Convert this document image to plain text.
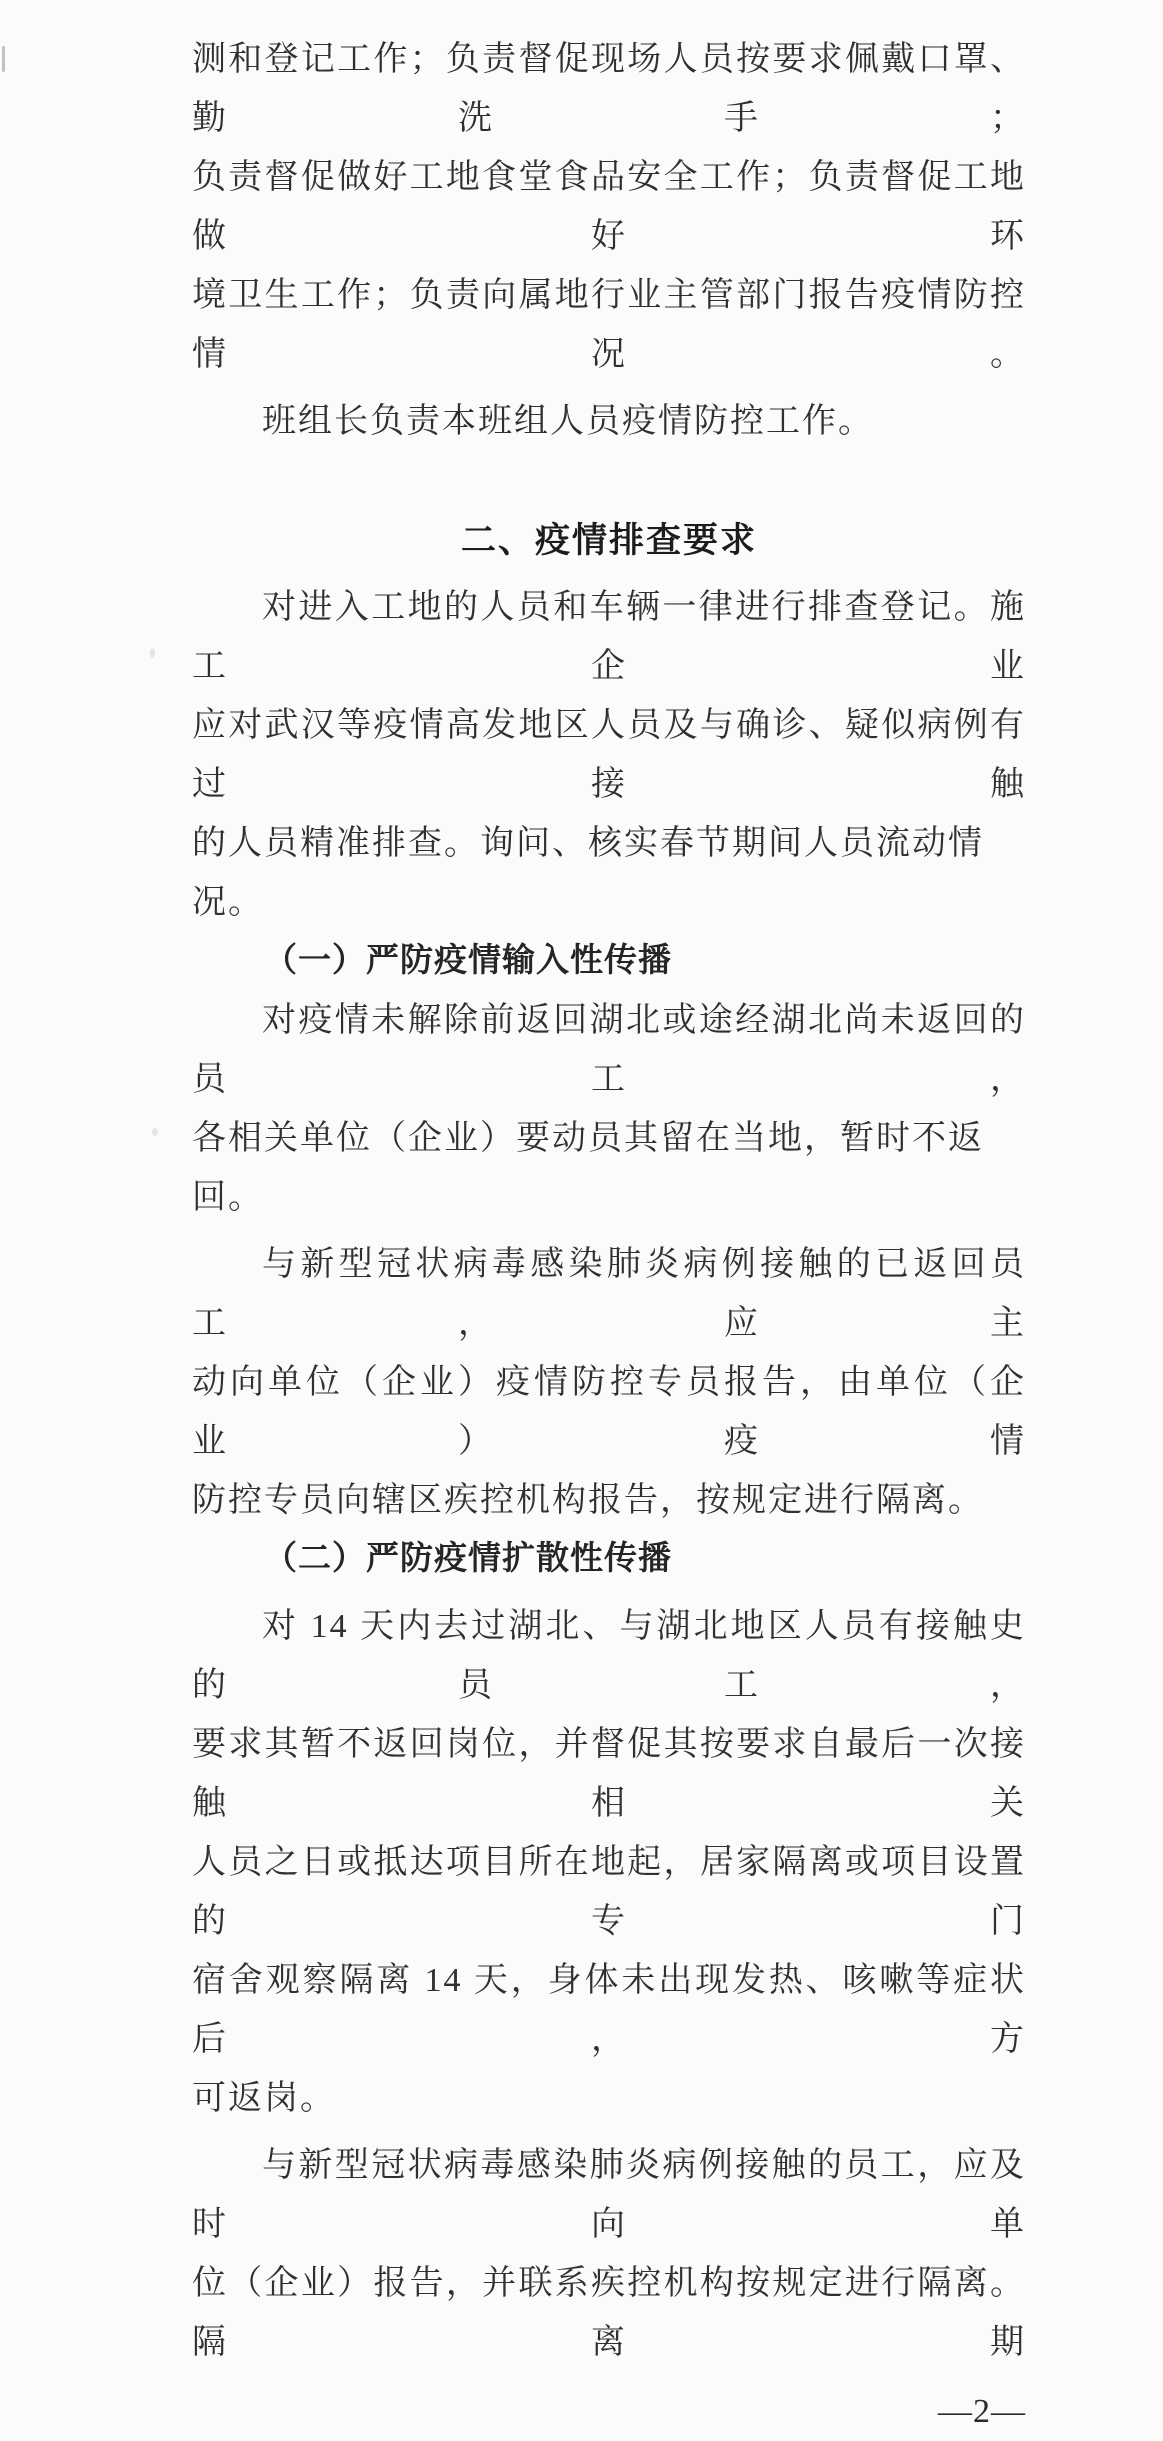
测和登记工作；负责督促现场人员按要求佩戴口罩、勤洗手；
负责督促做好工地食堂食品安全工作；负责督促工地做好环
境卫生工作；负责向属地行业主管部门报告疫情防控情况。
班组长负责本班组人员疫情防控工作。
二、疫情排查要求
对进入工地的人员和车辆一律进行排查登记。施工企业
应对武汉等疫情高发地区人员及与确诊、疑似病例有过接触
的人员精准排查。询问、核实春节期间人员流动情况。
（一）严防疫情输入性传播
对疫情未解除前返回湖北或途经湖北尚未返回的员工，
各相关单位（企业）要动员其留在当地，暂时不返回。
与新型冠状病毒感染肺炎病例接触的已返回员工，应主
动向单位（企业）疫情防控专员报告，由单位（企业）疫情
防控专员向辖区疾控机构报告，按规定进行隔离。
（二）严防疫情扩散性传播
对 14 天内去过湖北、与湖北地区人员有接触史的员工，
要求其暂不返回岗位，并督促其按要求自最后一次接触相关
人员之日或抵达项目所在地起，居家隔离或项目设置的专门
宿舍观察隔离 14 天，身体未出现发热、咳嗽等症状后，方
可返岗。
与新型冠状病毒感染肺炎病例接触的员工，应及时向单
位（企业）报告，并联系疾控机构按规定进行隔离。隔离期
—2—
